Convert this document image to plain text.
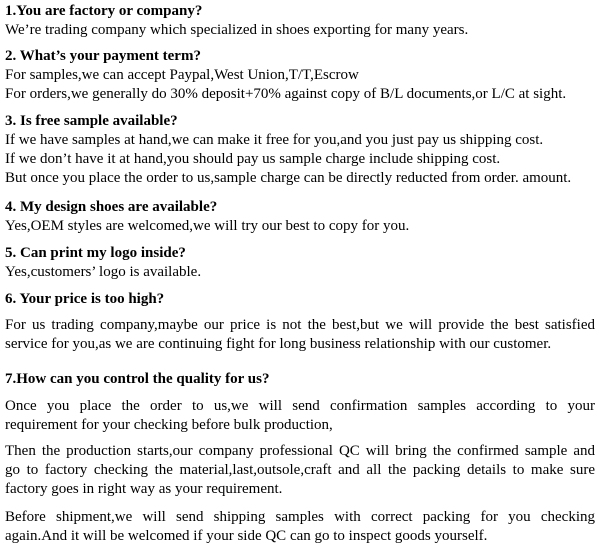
1.You are factory or company?
We’re trading company which specialized in shoes exporting for many years.
2. What’s your payment term?
For samples,we can accept Paypal,West Union,T/T,Escrow
For orders,we generally do 30% deposit+70% against copy of B/L documents,or L/C at sight.
3. Is free sample available?
If we have samples at hand,we can make it free for you,and you just pay us shipping cost.
If we don’t have it at hand,you should pay us sample charge include shipping cost.
But once you place the order to us,sample charge can be directly reducted from order. amount.
4. My design shoes are available?
Yes,OEM styles are welcomed,we will try our best to copy for you.
5. Can print my logo inside?
Yes,customers’ logo is available.
6. Your price is too high?
For us trading company,maybe our price is not the best,but we will provide the best satisfied
service for you,as we are continuing fight for long business relationship with our customer.
7.How can you control the quality for us?
Once you place the order to us,we will send confirmation samples according to your
requirement for your checking before bulk production,
Then the production starts,our company professional QC will bring the confirmed sample and
go to factory checking the material,last,outsole,craft and all the packing details to make sure
factory goes in right way as your requirement.
Before shipment,we will send shipping samples with correct packing for you checking
again.And it will be welcomed if your side QC can go to inspect goods yourself.
